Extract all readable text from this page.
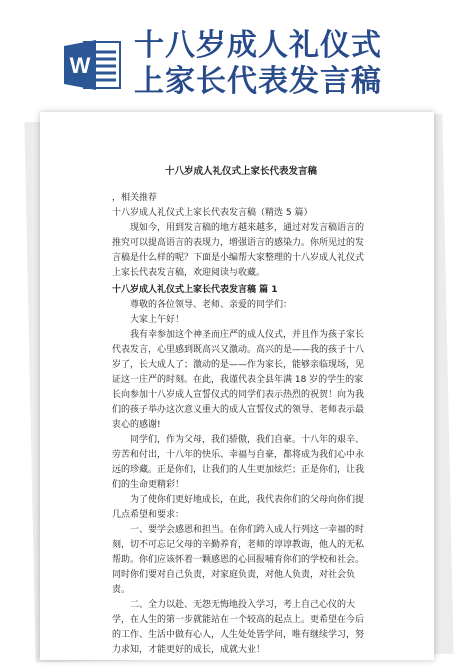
W
十八岁成人礼仪式
上家长代表发言稿

十八岁成人礼仪式上家长代表发言稿

，相关推荐

十八岁成人礼仪式上家长代表发言稿（精选 5 篇）

现如今，用到发言稿的地方越来越多，通过对发言稿语言的推究可以提高语言的表现力，增强语言的感染力。你所见过的发言稿是什么样的呢？下面是小编帮大家整理的十八岁成人礼仪式上家长代表发言稿，欢迎阅读与收藏。

十八岁成人礼仪式上家长代表发言稿 篇 1

尊敬的各位领导、老师、亲爱的同学们：

大家上午好！

我有幸参加这个神圣而庄严的成人仪式，并且作为孩子家长代表发言，心里感到既高兴又激动。高兴的是——我的孩子十八岁了，长大成人了；激动的是——作为家长，能够亲临现场，见证这一庄严的时刻。在此，我谨代表全县年满 18 岁的学生的家长向参加十八岁成人宣誓仪式的同学们表示热烈的祝贺！向为我们的孩子举办这次意义重大的成人宣誓仪式的领导、老师表示最衷心的感谢!

同学们，作为父母，我们骄傲，我们自豪。十八年的艰辛、劳苦和付出，十八年的快乐、幸福与自豪，都将成为我们心中永远的珍藏。正是你们，让我们的人生更加炫烂；正是你们，让我们的生命更精彩！

为了使你们更好地成长，在此，我代表你们的父母向你们提几点希望和要求：

一、要学会感恩和担当。在你们跨入成人行列这一幸福的时刻，切不可忘记父母的辛勤养育，老师的谆谆教诲，他人的无私帮助。你们应该怀着一颗感恩的心回报哺育你们的学校和社会。同时你们要对自己负责，对家庭负责，对他人负责，对社会负责。

二、全力以赴、无怨无悔地投入学习，考上自己心仪的大学，在人生的第一步就能站在一个较高的起点上。更希望在今后的工作、生活中做有心人，人生处处皆学问，唯有继续学习，努力求知，才能更好的成长，成就大业！
